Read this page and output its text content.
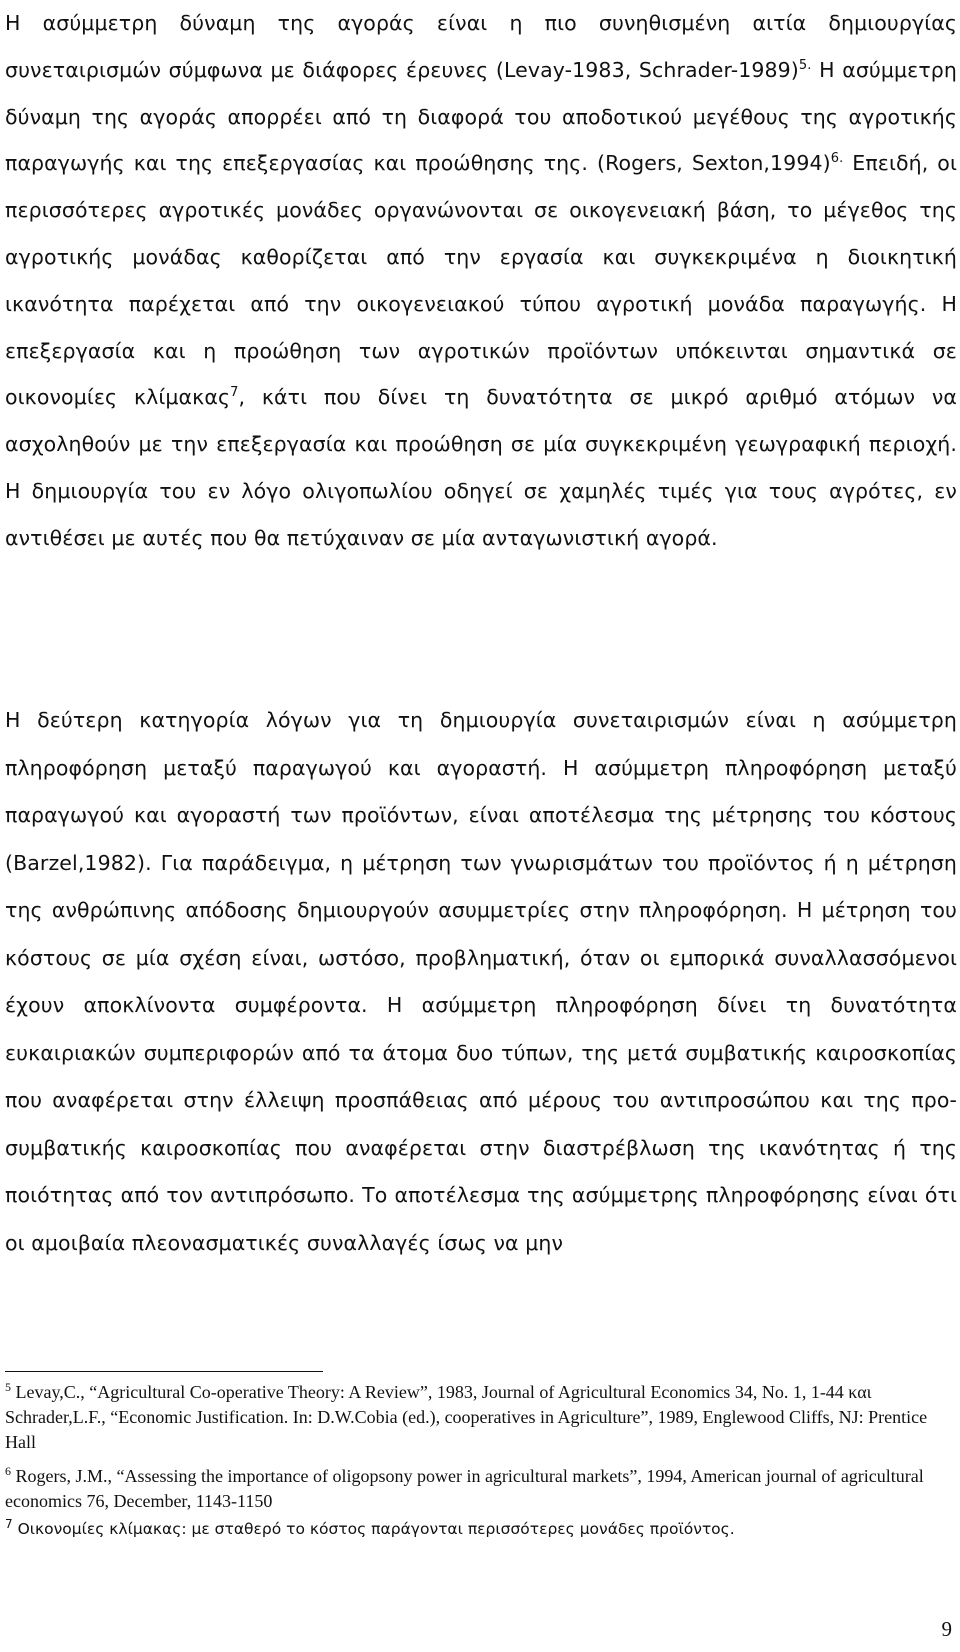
Η ασύμμετρη δύναμη της αγοράς είναι η πιο συνηθισμένη αιτία δημιουργίας συνεταιρισμών σύμφωνα με διάφορες έρευνες (Levay-1983, Schrader-1989)$^{5.}$ Η ασύμμετρη δύναμη της αγοράς απορρέει από τη διαφορά του αποδοτικού μεγέθους της αγροτικής παραγωγής και της επεξεργασίας και προώθησης της. (Rogers, Sexton,1994)$^{6.}$ Επειδή, οι περισσότερες αγροτικές μονάδες οργανώνονται σε οικογενειακή βάση, το μέγεθος της αγροτικής μονάδας καθορίζεται από την εργασία και συγκεκριμένα η διοικητική ικανότητα παρέχεται από την οικογενειακού τύπου αγροτική μονάδα παραγωγής. Η επεξεργασία και η προώθηση των αγροτικών προϊόντων υπόκεινται σημαντικά σε οικονομίες κλίμακας$^7$, κάτι που δίνει τη δυνατότητα σε μικρό αριθμό ατόμων να ασχοληθούν με την επεξεργασία και προώθηση σε μία συγκεκριμένη γεωγραφική περιοχή. Η δημιουργία του εν λόγο ολιγοπωλίου οδηγεί σε χαμηλές τιμές για τους αγρότες, εν αντιθέσει με αυτές που θα πετύχαιναν σε μία ανταγωνιστική αγορά.

Η δεύτερη κατηγορία λόγων για τη δημιουργία συνεταιρισμών είναι η ασύμμετρη πληροφόρηση μεταξύ παραγωγού και αγοραστή. Η ασύμμετρη πληροφόρηση μεταξύ παραγωγού και αγοραστή των προϊόντων, είναι αποτέλεσμα της μέτρησης του κόστους (Barzel,1982). Για παράδειγμα, η μέτρηση των γνωρισμάτων του προϊόντος ή η μέτρηση της ανθρώπινης απόδοσης δημιουργούν ασυμμετρίες στην πληροφόρηση. Η μέτρηση του κόστους σε μία σχέση είναι, ωστόσο, προβληματική, όταν οι εμπορικά συναλλασσόμενοι έχουν αποκλίνοντα συμφέροντα. Η ασύμμετρη πληροφόρηση δίνει τη δυνατότητα ευκαιριακών συμπεριφορών από τα άτομα δυο τύπων, της μετά συμβατικής καιροσκοπίας που αναφέρεται στην έλλειψη προσπάθειας από μέρους του αντιπροσώπου και της προ-συμβατικής καιροσκοπίας που αναφέρεται στην διαστρέβλωση της ικανότητας ή της ποιότητας από τον αντιπρόσωπο. Το αποτέλεσμα της ασύμμετρης πληροφόρησης είναι ότι οι αμοιβαία πλεονασματικές συναλλαγές ίσως να μην

$^5$ Levay,C., “Agricultural Co-operative Theory: A Review”, 1983, Journal of Agricultural Economics 34, No. 1, 1-44 και Schrader,L.F., “Economic Justification. In: D.W.Cobia (ed.), cooperatives in Agriculture”, 1989, Englewood Cliffs, NJ: Prentice Hall
$^6$ Rogers, J.M., “Assessing the importance of oligopsony power in agricultural markets”, 1994, American journal of agricultural economics 76, December, 1143-1150
$^7$ Οικονομίες κλίμακας: με σταθερό το κόστος παράγονται περισσότερες μονάδες προϊόντος.
9
